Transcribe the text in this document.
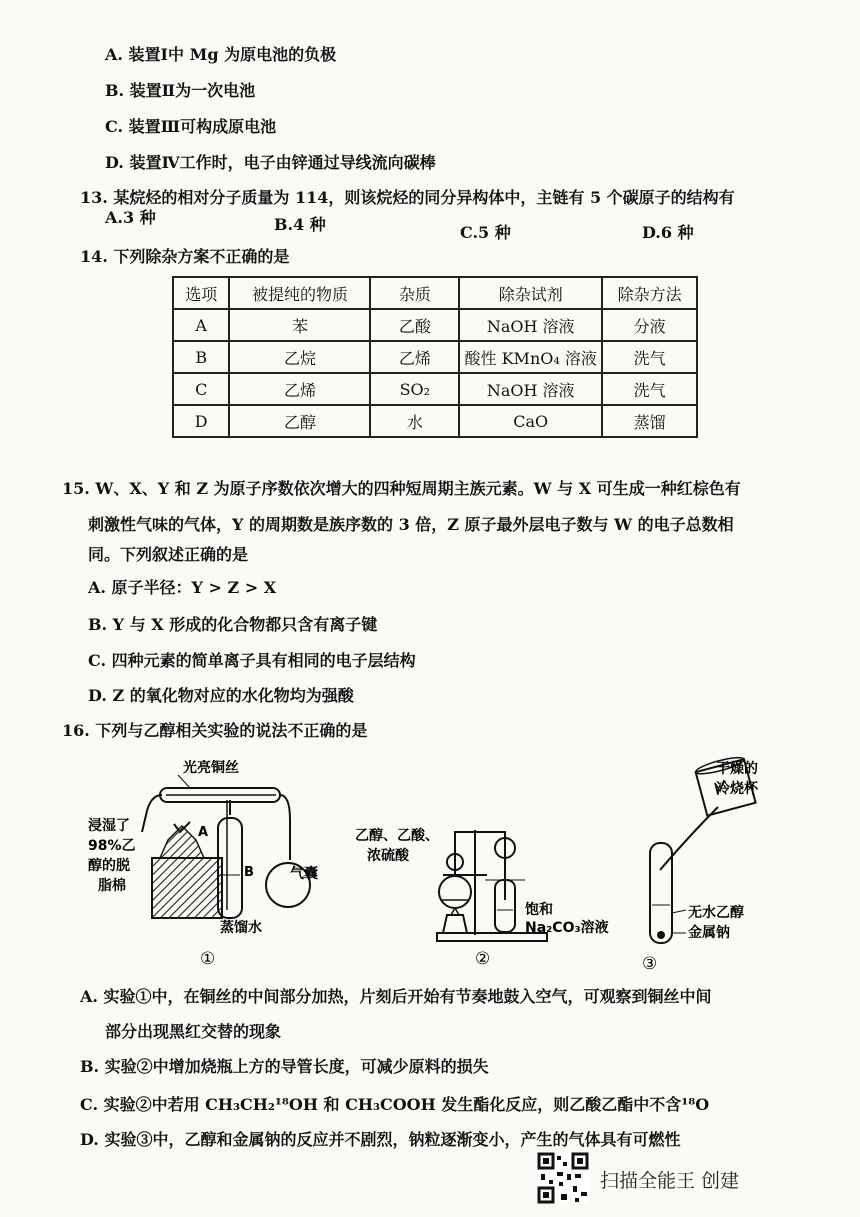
A. 装置Ⅰ中 Mg 为原电池的负极
B. 装置Ⅱ为一次电池
C. 装置Ⅲ可构成原电池
D. 装置Ⅳ工作时，电子由锌通过导线流向碳棒
13. 某烷烃的相对分子质量为 114，则该烷烃的同分异构体中，主链有 5 个碳原子的结构有
A.3 种	B.4 种	C.5 种	D.6 种
14. 下列除杂方案不正确的是
选项	被提纯的物质	杂质	除杂试剂	除杂方法
A	苯	乙酸	NaOH 溶液	分液
B	乙烷	乙烯	酸性 KMnO₄ 溶液	洗气
C	乙烯	SO₂	NaOH 溶液	洗气
D	乙醇	水	CaO	蒸馏
15. W、X、Y 和 Z 为原子序数依次增大的四种短周期主族元素。W 与 X 可生成一种红棕色有
刺激性气味的气体，Y 的周期数是族序数的 3 倍，Z 原子最外层电子数与 W 的电子总数相
同。下列叙述正确的是
A. 原子半径：Y > Z > X
B. Y 与 X 形成的化合物都只含有离子键
C. 四种元素的简单离子具有相同的电子层结构
D. Z 的氧化物对应的水化物均为强酸
16. 下列与乙醇相关实验的说法不正确的是
光亮铜丝
浸湿了
98%乙
醇的脱
脂棉
A
B	气囊
蒸馏水
①
乙醇、乙酸、
浓硫酸
饱和
Na₂CO₃溶液
②
干燥的
冷烧杯
无水乙醇
金属钠
③
A. 实验①中，在铜丝的中间部分加热，片刻后开始有节奏地鼓入空气，可观察到铜丝中间
部分出现黑红交替的现象
B. 实验②中增加烧瓶上方的导管长度，可减少原料的损失
C. 实验②中若用 CH₃CH₂¹⁸OH 和 CH₃COOH 发生酯化反应，则乙酸乙酯中不含¹⁸O
D. 实验③中，乙醇和金属钠的反应并不剧烈，钠粒逐渐变小，产生的气体具有可燃性
扫描全能王 创建
